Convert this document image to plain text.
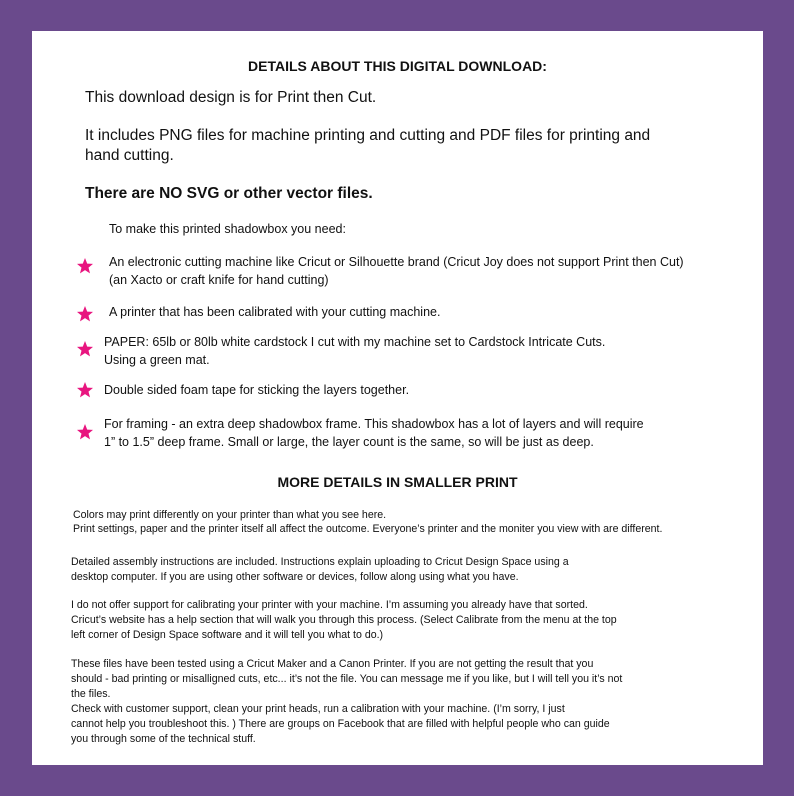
DETAILS ABOUT THIS DIGITAL DOWNLOAD:
This download design is for Print then Cut.
It includes PNG files for machine printing and cutting and PDF files for printing and
hand cutting.
There are NO SVG or other vector files.
To make this printed shadowbox you need:
An electronic cutting machine like Cricut or Silhouette brand (Cricut Joy does not support Print then Cut)
(an Xacto or craft knife for hand cutting)
A printer that has been calibrated with your cutting machine.
PAPER: 65lb or 80lb white cardstock I cut with my machine set to Cardstock Intricate Cuts.
Using a green mat.
Double sided foam tape for sticking the layers together.
For framing - an extra deep shadowbox frame. This shadowbox has a lot of layers and will require
1” to 1.5” deep frame. Small or large, the layer count is the same, so will be just as deep.
MORE DETAILS IN SMALLER PRINT
Colors may print differently on your printer than what you see here.
Print settings, paper and the printer itself all affect the outcome. Everyone’s printer and the moniter you view with are different.
Detailed assembly instructions are included. Instructions explain uploading to Cricut Design Space using a
desktop computer. If you are using other software or devices, follow along using what you have.
I do not offer support for calibrating your printer with your machine. I’m assuming you already have that sorted.
Cricut’s website has a help section that will walk you through this process. (Select Calibrate from the menu at the top
left corner of Design Space software and it will tell you what to do.)
These files have been tested using a Cricut Maker and a Canon Printer. If you are not getting the result that you
should - bad printing or misalligned cuts, etc... it’s not the file. You can message me if you like, but I will tell you it’s not
the files.
Check with customer support, clean your print heads, run a calibration with your machine. (I’m sorry, I just
cannot help you troubleshoot this. ) There are groups on Facebook that are filled with helpful people who can guide
you through some of the technical stuff.
